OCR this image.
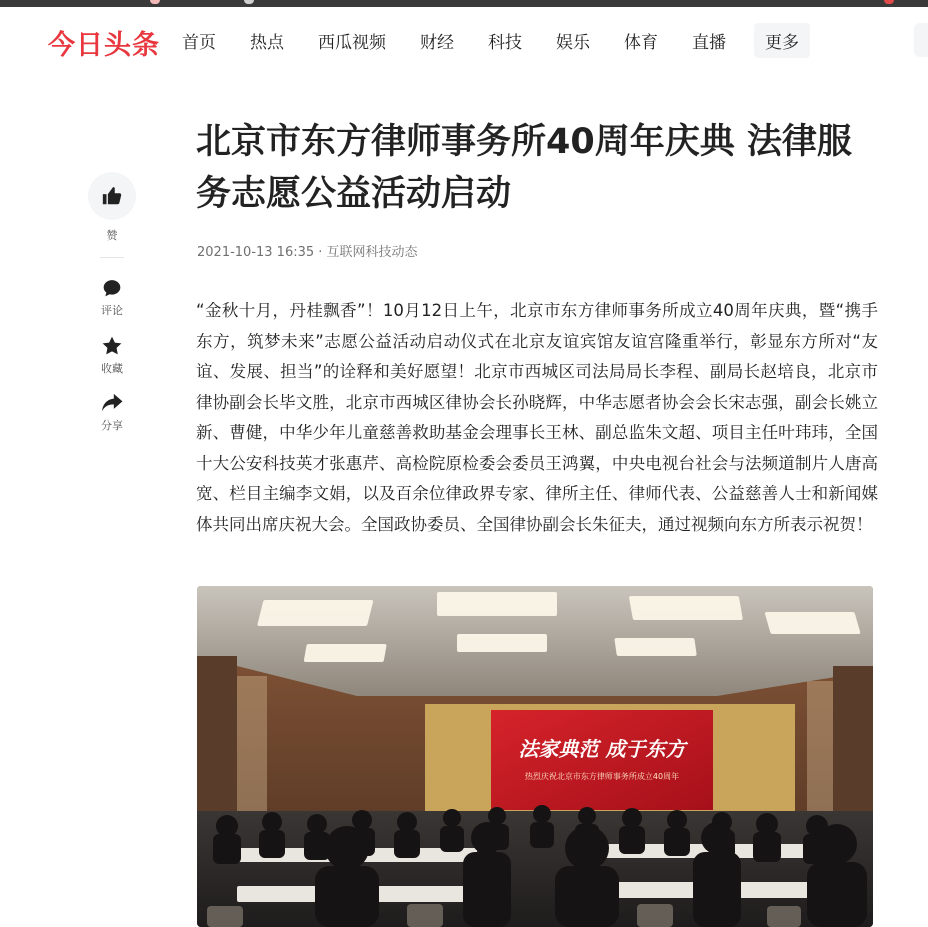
今日头条 首页 热点 西瓜视频 财经 科技 娱乐 体育 直播	更多
赞
评论
收藏
分享
北京市东方律师事务所40周年庆典 法律服务志愿公益活动启动
2021-10-13 16:35 · 互联网科技动态

“金秋十月，丹桂飘香”！10月12日上午，北京市东方律师事务所成立40周年庆典，暨“携手东方，筑梦未来”志愿公益活动启动仪式在北京友谊宾馆友谊宫隆重举行，彰显东方所对“友谊、发展、担当”的诠释和美好愿望！北京市西城区司法局局长李程、副局长赵培良，北京市律协副会长毕文胜，北京市西城区律协会长孙晓辉，中华志愿者协会会长宋志强，副会长姚立新、曹健，中华少年儿童慈善救助基金会理事长王林、副总监朱文超、项目主任叶玮玮，全国十大公安科技英才张惠芹、高检院原检委会委员王鸿翼，中央电视台社会与法频道制片人唐高宽、栏目主编李文娟，以及百余位律政界专家、律所主任、律师代表、公益慈善人士和新闻媒体共同出席庆祝大会。全国政协委员、全国律协副会长朱征夫，通过视频向东方所表示祝贺！

法家典范 成于东方
热烈庆祝北京市东方律师事务所成立40周年
